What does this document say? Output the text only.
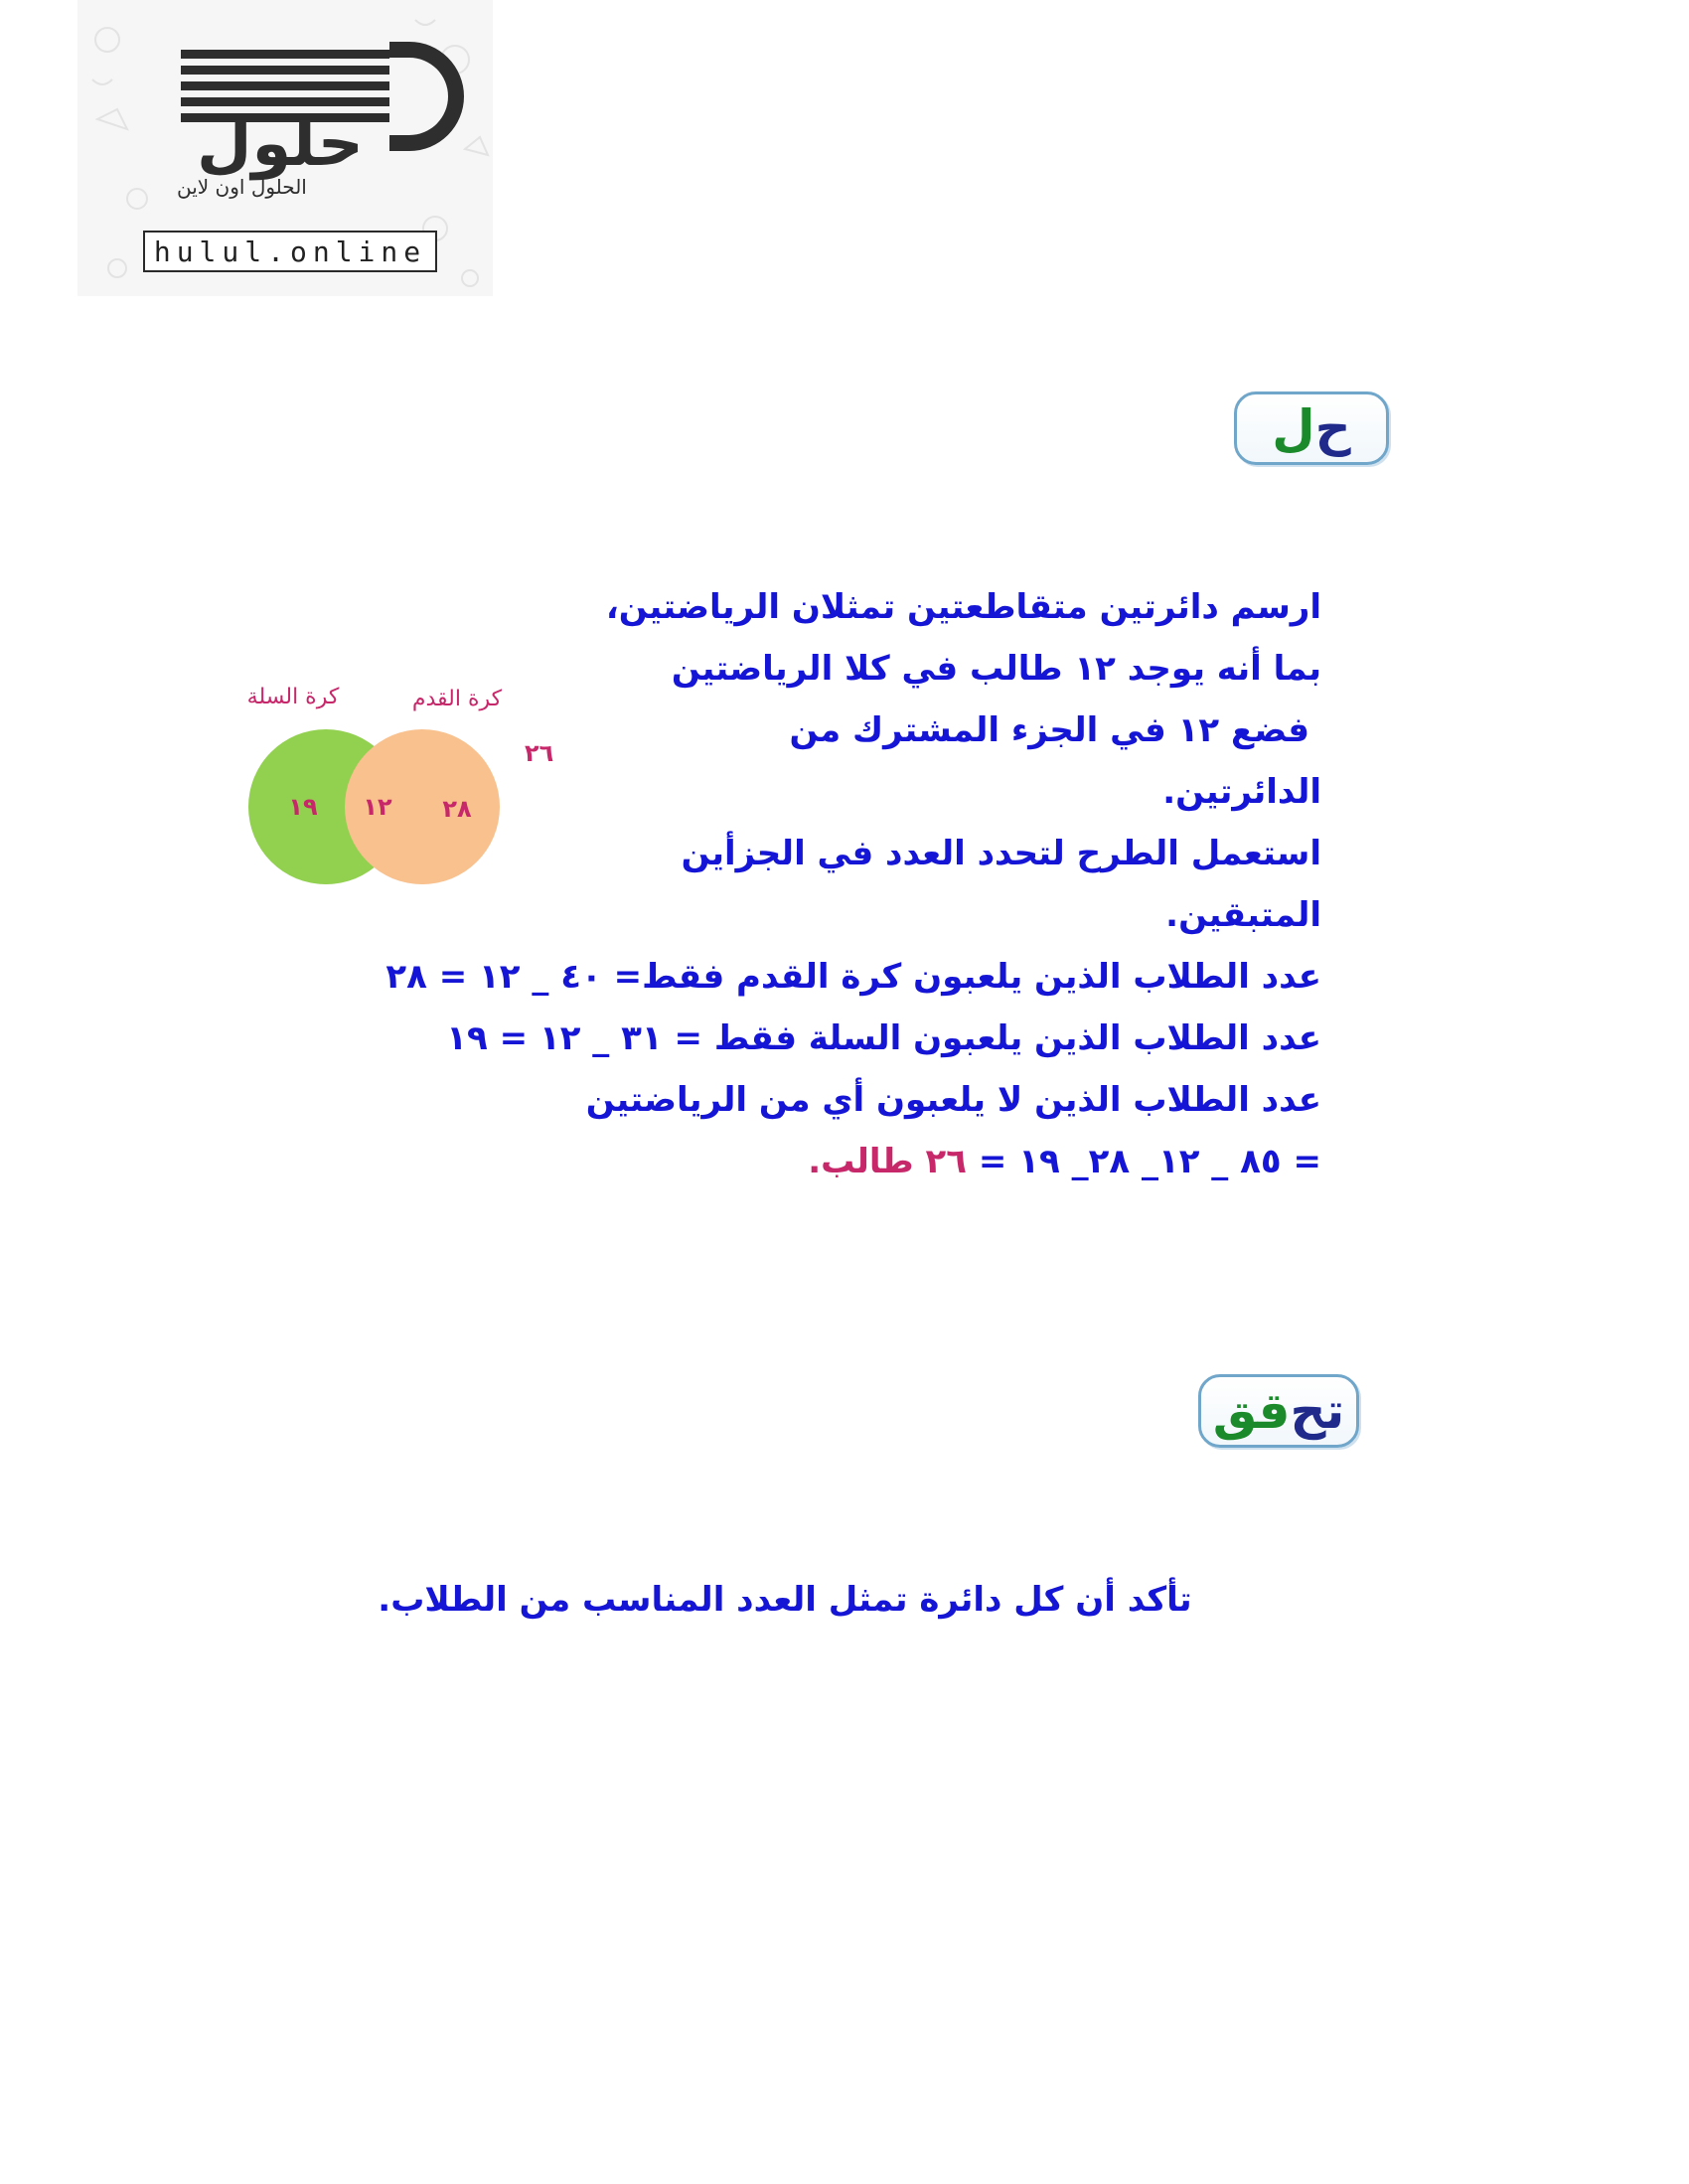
حلول
الحلول اون لاين
hulul.online
ح
ل
كرة السلة	كرة القدم
١٩ ١٢ ٢٨
٢٦

ارسم دائرتين متقاطعتين تمثلان الرياضتين،

بما أنه يوجد ١٢ طالب في كلا الرياضتين

فضع ١٢ في الجزء المشترك من

الدائرتين.

استعمل الطرح لتحدد العدد في الجزأين

المتبقين.

عدد الطلاب الذين يلعبون كرة القدم فقط= ٤٠ _ ١٢ = ٢٨

عدد الطلاب الذين يلعبون السلة فقط = ٣١ _ ١٢ = ١٩

عدد الطلاب الذين لا يلعبون أي من الرياضتين

= ٨٥ _ ١٢_ ٢٨_ ١٩ = ٢٦ طالب.

تح
قق
تأكد أن كل دائرة تمثل العدد المناسب من الطلاب.
